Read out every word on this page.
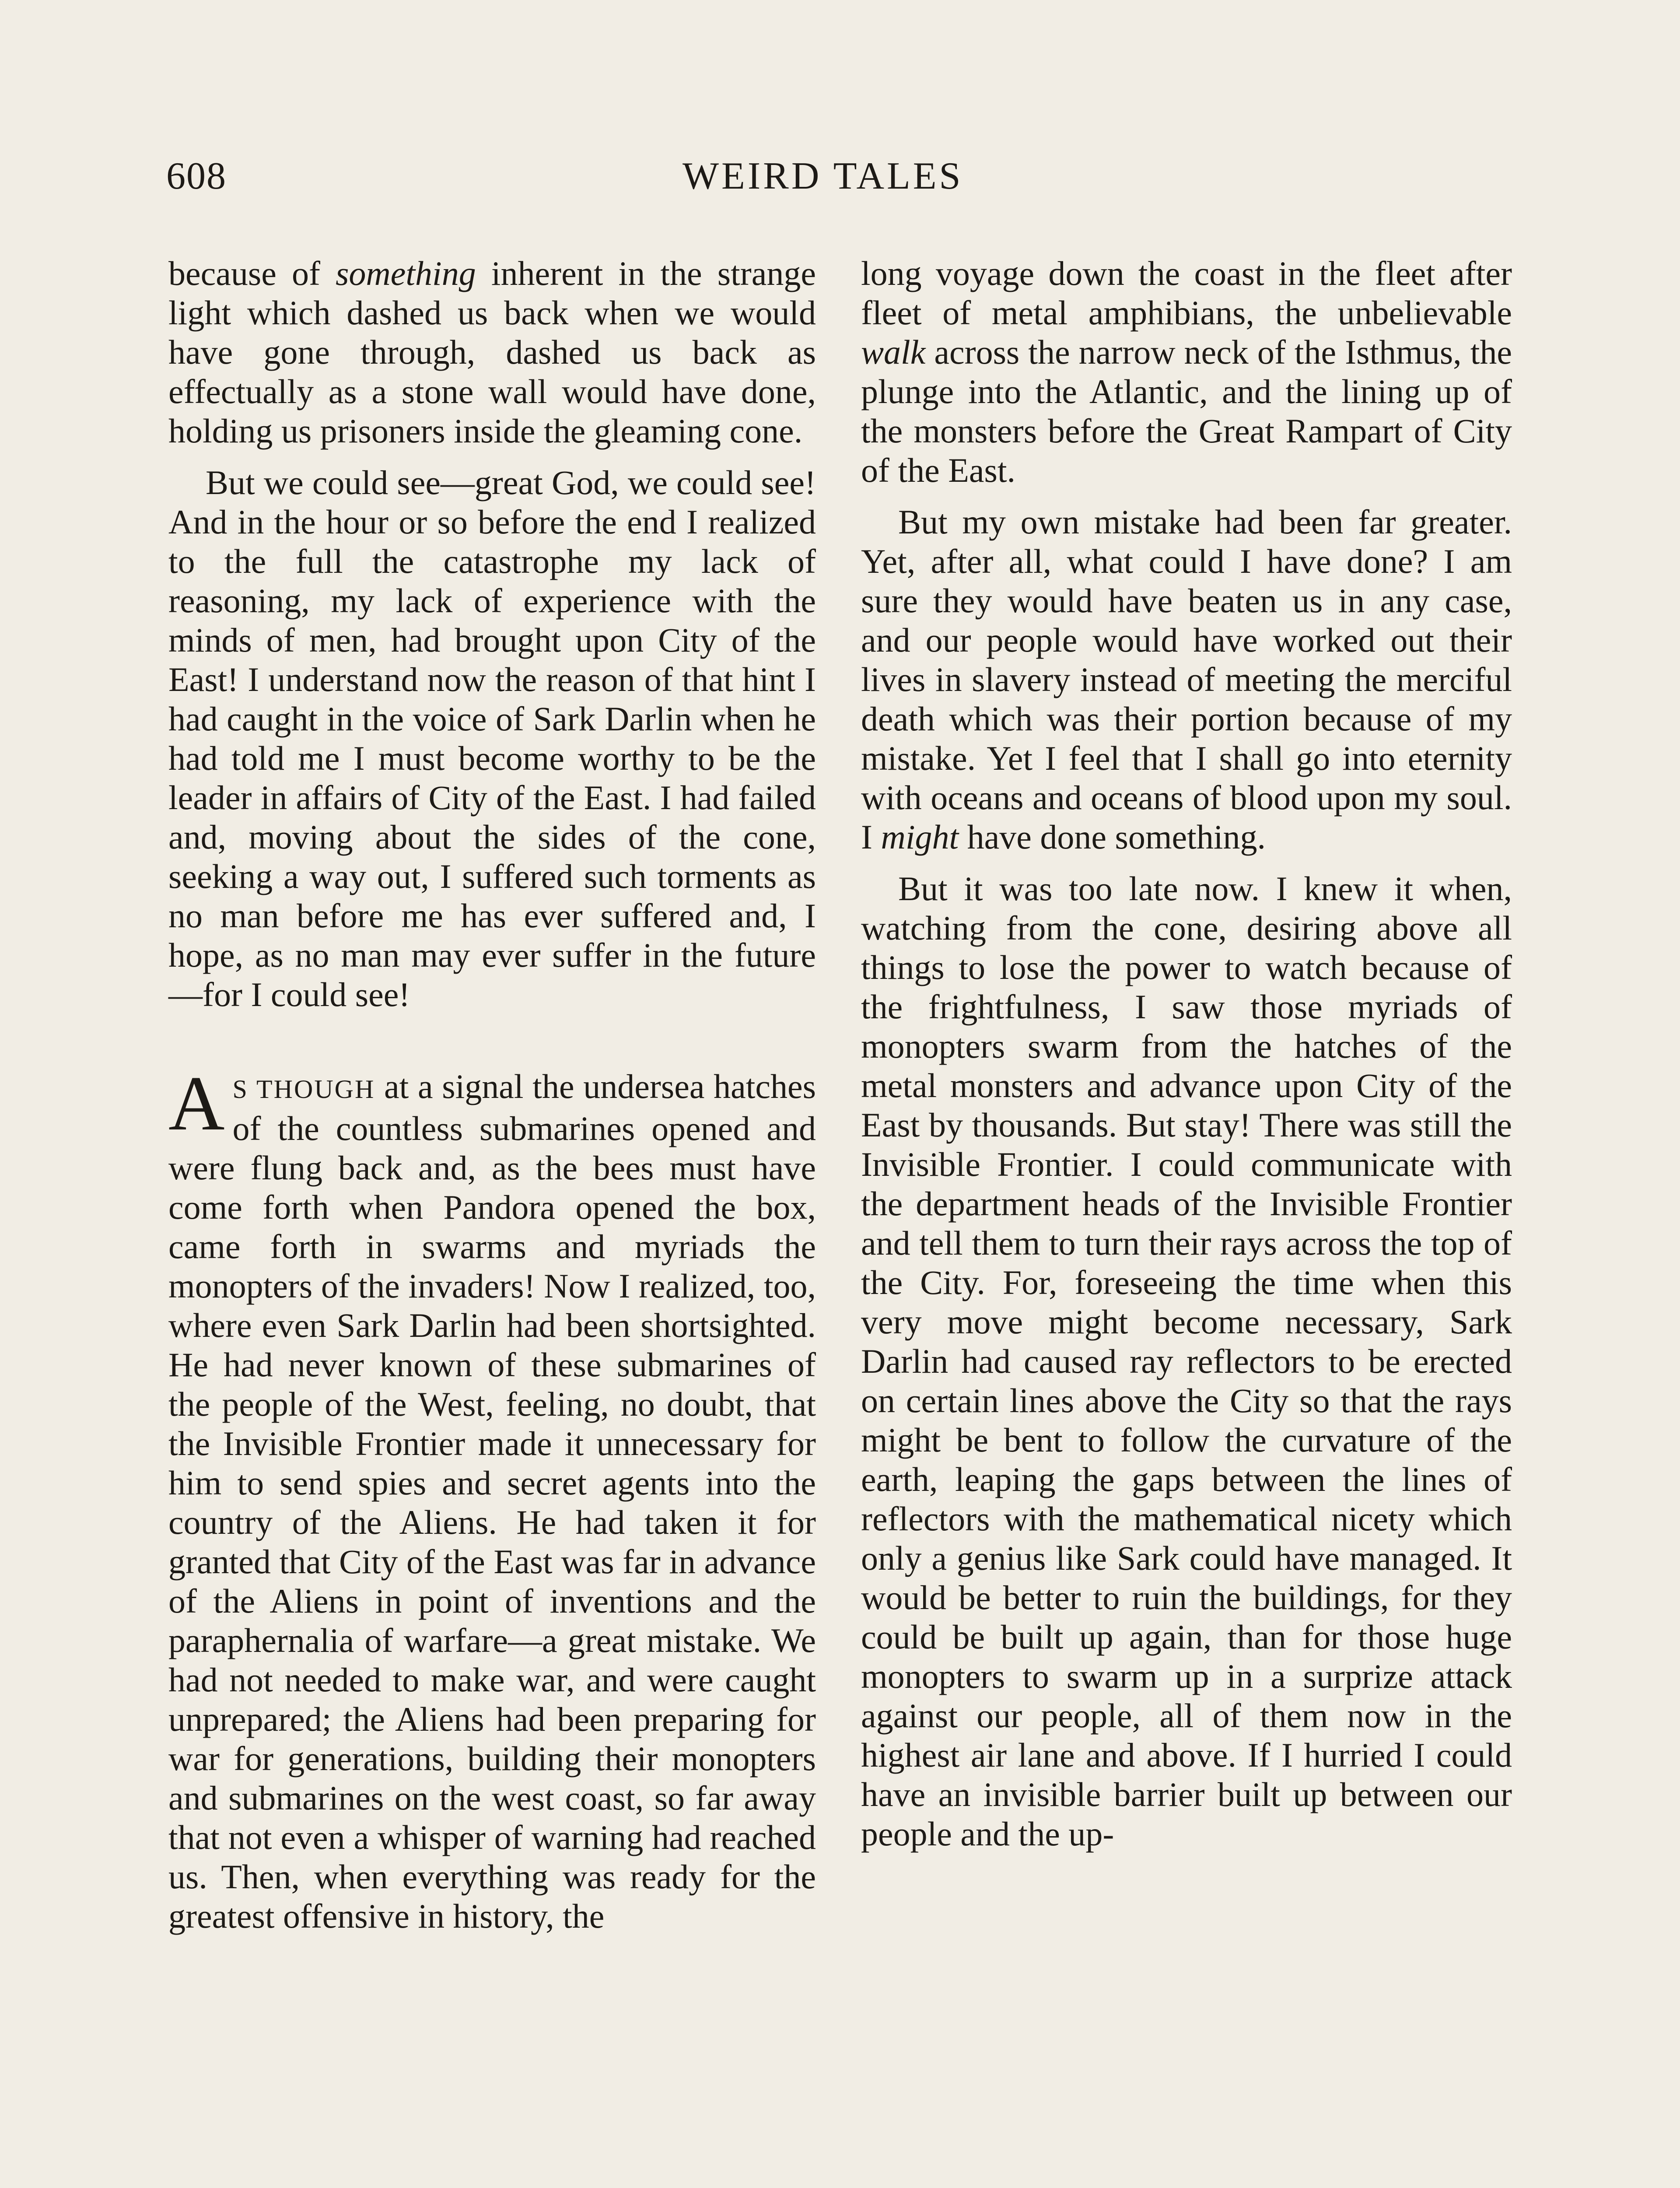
608	WEIRD TALES

because of something inherent in the strange light which dashed us back when we would have gone through, dashed us back as effectually as a stone wall would have done, holding us prisoners inside the gleaming cone.

But we could see—great God, we could see! And in the hour or so before the end I realized to the full the catastrophe my lack of reasoning, my lack of experience with the minds of men, had brought upon City of the East! I understand now the reason of that hint I had caught in the voice of Sark Darlin when he had told me I must become worthy to be the leader in affairs of City of the East. I had failed and, moving about the sides of the cone, seeking a way out, I suffered such torments as no man before me has ever suffered and, I hope, as no man may ever suffer in the future—for I could see!

A S THOUGH at a signal the undersea hatches of the countless submarines opened and were flung back and, as the bees must have come forth when Pandora opened the box, came forth in swarms and myriads the monopters of the invaders! Now I realized, too, where even Sark Darlin had been shortsighted. He had never known of these submarines of the people of the West, feeling, no doubt, that the Invisible Frontier made it unnecessary for him to send spies and secret agents into the country of the Aliens. He had taken it for granted that City of the East was far in advance of the Aliens in point of inventions and the paraphernalia of warfare—a great mistake. We had not needed to make war, and were caught unprepared; the Aliens had been preparing for war for generations, building their monopters and submarines on the west coast, so far away that not even a whisper of warning had reached us. Then, when everything was ready for the greatest offensive in history, the

long voyage down the coast in the fleet after fleet of metal amphibians, the unbelievable walk across the narrow neck of the Isthmus, the plunge into the Atlantic, and the lining up of the monsters before the Great Rampart of City of the East.

But my own mistake had been far greater. Yet, after all, what could I have done? I am sure they would have beaten us in any case, and our people would have worked out their lives in slavery instead of meeting the merciful death which was their portion because of my mistake. Yet I feel that I shall go into eternity with oceans and oceans of blood upon my soul. I might have done something.

But it was too late now. I knew it when, watching from the cone, desiring above all things to lose the power to watch because of the frightfulness, I saw those myriads of monopters swarm from the hatches of the metal monsters and advance upon City of the East by thousands. But stay! There was still the Invisible Frontier. I could communicate with the department heads of the Invisible Frontier and tell them to turn their rays across the top of the City. For, foreseeing the time when this very move might become necessary, Sark Darlin had caused ray reflectors to be erected on certain lines above the City so that the rays might be bent to follow the curvature of the earth, leaping the gaps between the lines of reflectors with the mathematical nicety which only a genius like Sark could have managed. It would be better to ruin the buildings, for they could be built up again, than for those huge monopters to swarm up in a surprize attack against our people, all of them now in the highest air lane and above. If I hurried I could have an invisible barrier built up between our people and the up-
